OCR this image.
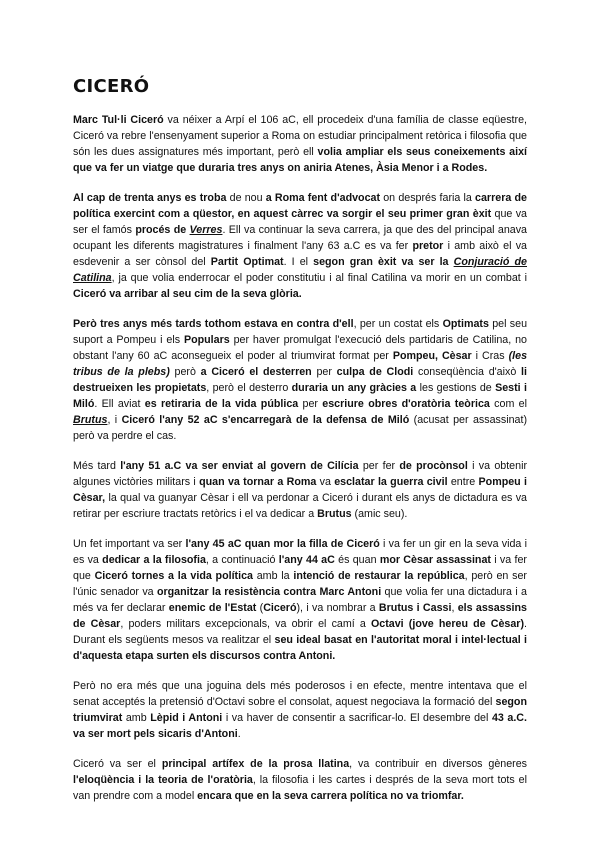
CICERÓ

Marc Tul·li Ciceró va néixer a Arpí el 106 aC, ell procedeix d'una família de classe eqüestre, Ciceró va rebre l'ensenyament superior a Roma on estudiar principalment retòrica i filosofia que són les dues assignatures més important, però ell volia ampliar els seus coneixements així que va fer un viatge que duraria tres anys on aniria Atenes, Àsia Menor i a Rodes.

Al cap de trenta anys es troba de nou a Roma fent d'advocat on després faria la carrera de política exercint com a qüestor, en aquest càrrec va sorgir el seu primer gran èxit que va ser el famós procés de Verres. Ell va continuar la seva carrera, ja que des del principal anava ocupant les diferents magistratures i finalment l'any 63 a.C es va fer pretor i amb això el va esdevenir a ser cònsol del Partit Optimat. I el segon gran èxit va ser la Conjuració de Catilina, ja que volia enderrocar el poder constitutiu i al final Catilina va morir en un combat i Ciceró va arribar al seu cim de la seva glòria.

Però tres anys més tards tothom estava en contra d'ell, per un costat els Optimats pel seu suport a Pompeu i els Populars per haver promulgat l'execució dels partidaris de Catilina, no obstant l'any 60 aC aconsegueix el poder al triumvirat format per Pompeu, Cèsar i Cras (les tribus de la plebs) però a Ciceró el desterren per culpa de Clodi conseqüència d'això li destrueixen les propietats, però el desterro duraria un any gràcies a les gestions de Sesti i Miló. Ell aviat es retiraria de la vida pública per escriure obres d'oratòria teòrica com el Brutus, i Ciceró l'any 52 aC s'encarregarà de la defensa de Miló (acusat per assassinat) però va perdre el cas.

Més tard l'any 51 a.C va ser enviat al govern de Cilícia per fer de procònsol i va obtenir algunes victòries militars i quan va tornar a Roma va esclatar la guerra civil entre Pompeu i Cèsar, la qual va guanyar Cèsar i ell va perdonar a Ciceró i durant els anys de dictadura es va retirar per escriure tractats retòrics i el va dedicar a Brutus (amic seu).

Un fet important va ser l'any 45 aC quan mor la filla de Ciceró i va fer un gir en la seva vida i es va dedicar a la filosofia, a continuació l'any 44 aC és quan mor Cèsar assassinat i va fer que Ciceró tornes a la vida política amb la intenció de restaurar la república, però en ser l'únic senador va organitzar la resistència contra Marc Antoni que volia fer una dictadura i a més va fer declarar enemic de l'Estat (Ciceró), i va nombrar a Brutus i Cassi, els assassins de Cèsar, poders militars excepcionals, va obrir el camí a Octavi (jove hereu de Cèsar). Durant els següents mesos va realitzar el seu ideal basat en l'autoritat moral i intel·lectual i d'aquesta etapa surten els discursos contra Antoni.

Però no era més que una joguina dels més poderosos i en efecte, mentre intentava que el senat acceptés la pretensió d'Octavi sobre el consolat, aquest negociava la formació del segon triumvirat amb Lèpid i Antoni i va haver de consentir a sacrificar-lo. El desembre del 43 a.C. va ser mort pels sicaris d'Antoni.

Ciceró va ser el principal artífex de la prosa llatina, va contribuir en diversos gèneres l'eloqüència i la teoria de l'oratòria, la filosofia i les cartes i després de la seva mort tots el van prendre com a model encara que en la seva carrera política no va triomfar.
